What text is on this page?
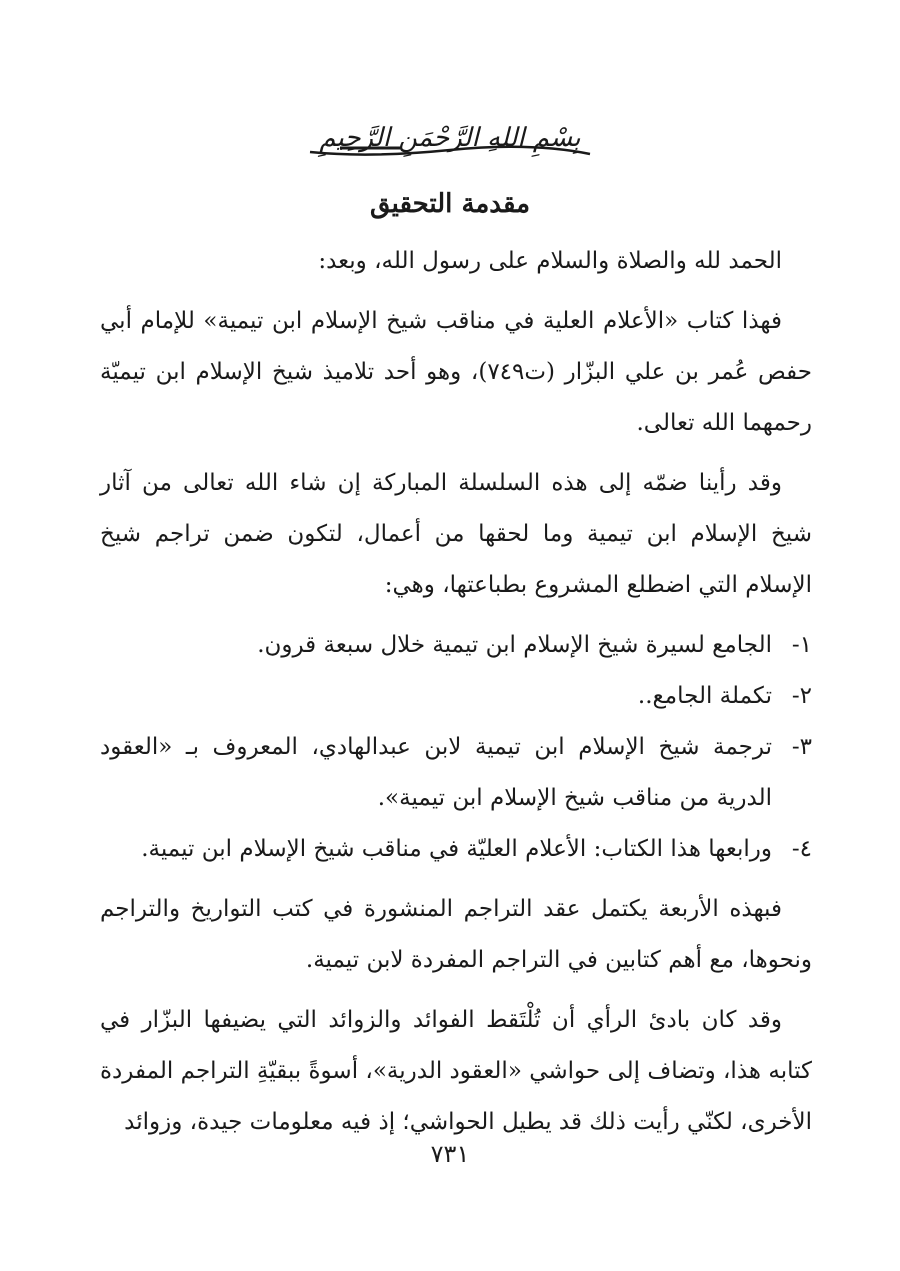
بِسْمِ اللهِ الرَّحْمَنِ الرَّحِيمِ
مقدمة التحقيق

الحمد لله والصلاة والسلام على رسول الله، وبعد:

فهذا كتاب «الأعلام العلية في مناقب شيخ الإسلام ابن تيمية» للإمام أبي حفص عُمر بن علي البزّار (ت٧٤٩)، وهو أحد تلاميذ شيخ الإسلام ابن تيميّة رحمهما الله تعالى.

وقد رأينا ضمّه إلى هذه السلسلة المباركة إن شاء الله تعالى من آثار شيخ الإسلام ابن تيمية وما لحقها من أعمال، لتكون ضمن تراجم شيخ الإسلام التي اضطلع المشروع بطباعتها، وهي:

١-
الجامع لسيرة شيخ الإسلام ابن تيمية خلال سبعة قرون.
٢-
تكملة الجامع..
٣-
ترجمة شيخ الإسلام ابن تيمية لابن عبدالهادي، المعروف بـ «العقود الدرية من مناقب شيخ الإسلام ابن تيمية».
٤-
ورابعها هذا الكتاب: الأعلام العليّة في مناقب شيخ الإسلام ابن تيمية.

فبهذه الأربعة يكتمل عقد التراجم المنشورة في كتب التواريخ والتراجم ونحوها، مع أهم كتابين في التراجم المفردة لابن تيمية.

وقد كان بادئ الرأي أن تُلْتَقط الفوائد والزوائد التي يضيفها البزّار في كتابه هذا، وتضاف إلى حواشي «العقود الدرية»، أسوةً ببقيّةِ التراجم المفردة الأخرى، لكنّي رأيت ذلك قد يطيل الحواشي؛ إذ فيه معلومات جيدة، وزوائد

٧٣١
